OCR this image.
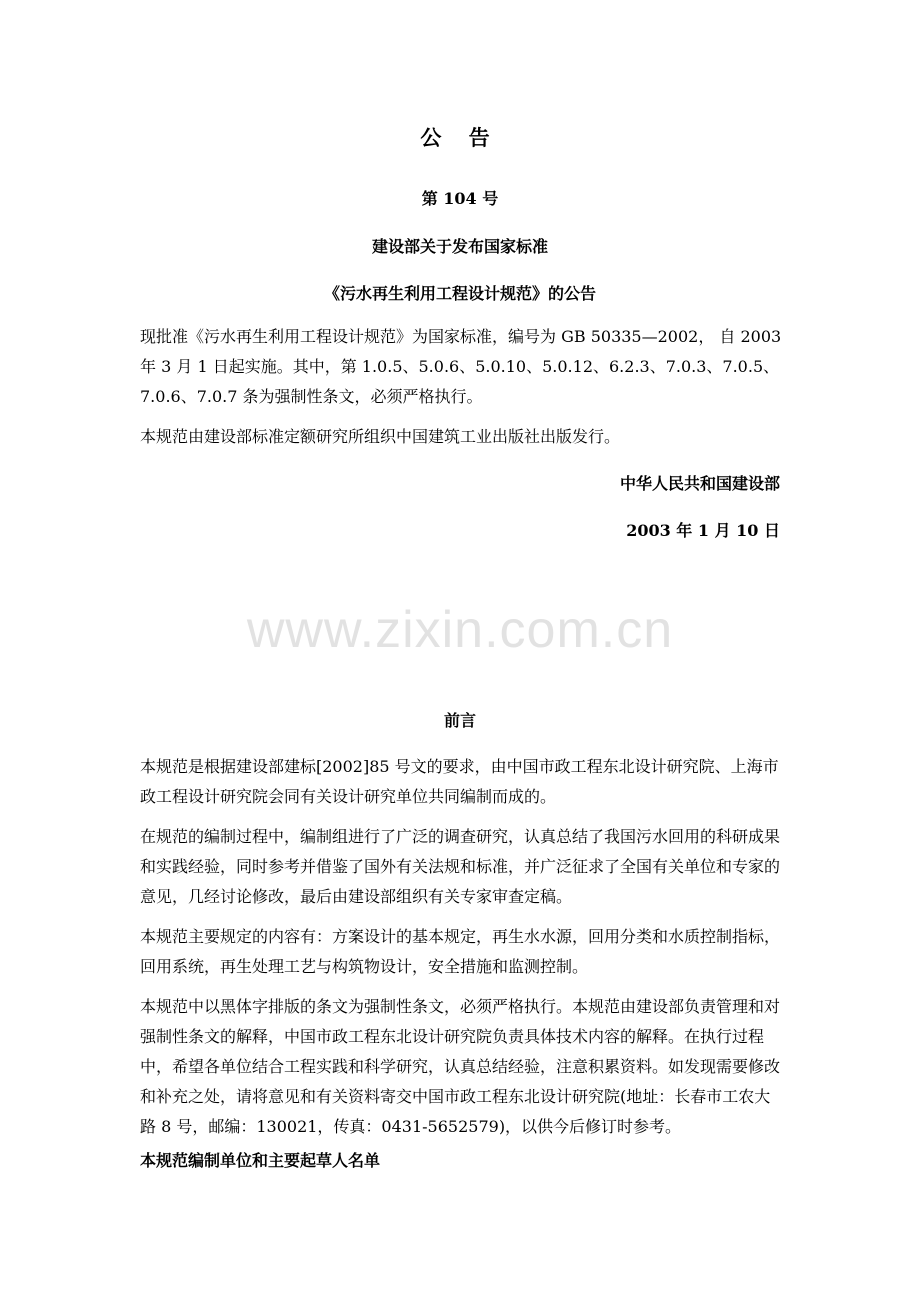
公 告
第 104 号
建设部关于发布国家标准
《污水再生利用工程设计规范》的公告

现批准《污水再生利用工程设计规范》为国家标准，编号为 GB 50335—2002， 自 2003 年 3 月 1 日起实施。其中，第 1.0.5、5.0.6、5.0.10、5.0.12、6.2.3、7.0.3、7.0.5、7.0.6、7.0.7 条为强制性条文，必须严格执行。

本规范由建设部标准定额研究所组织中国建筑工业出版社出版发行。

中华人民共和国建设部
2003 年 1 月 10 日
www.zixin.com.cn
前言

本规范是根据建设部建标[2002]85 号文的要求，由中国市政工程东北设计研究院、上海市政工程设计研究院会同有关设计研究单位共同编制而成的。

在规范的编制过程中，编制组进行了广泛的调查研究，认真总结了我国污水回用的科研成果和实践经验，同时参考并借鉴了国外有关法规和标准，并广泛征求了全国有关单位和专家的意见，几经讨论修改，最后由建设部组织有关专家审查定稿。

本规范主要规定的内容有：方案设计的基本规定，再生水水源，回用分类和水质控制指标，回用系统，再生处理工艺与构筑物设计，安全措施和监测控制。

本规范中以黑体字排版的条文为强制性条文，必须严格执行。本规范由建设部负责管理和对强制性条文的解释，中国市政工程东北设计研究院负责具体技术内容的解释。在执行过程中，希望各单位结合工程实践和科学研究，认真总结经验，注意积累资料。如发现需要修改和补充之处，请将意见和有关资料寄交中国市政工程东北设计研究院(地址：长春市工农大路 8 号，邮编：130021，传真：0431-5652579)，以供今后修订时参考。

本规范编制单位和主要起草人名单
